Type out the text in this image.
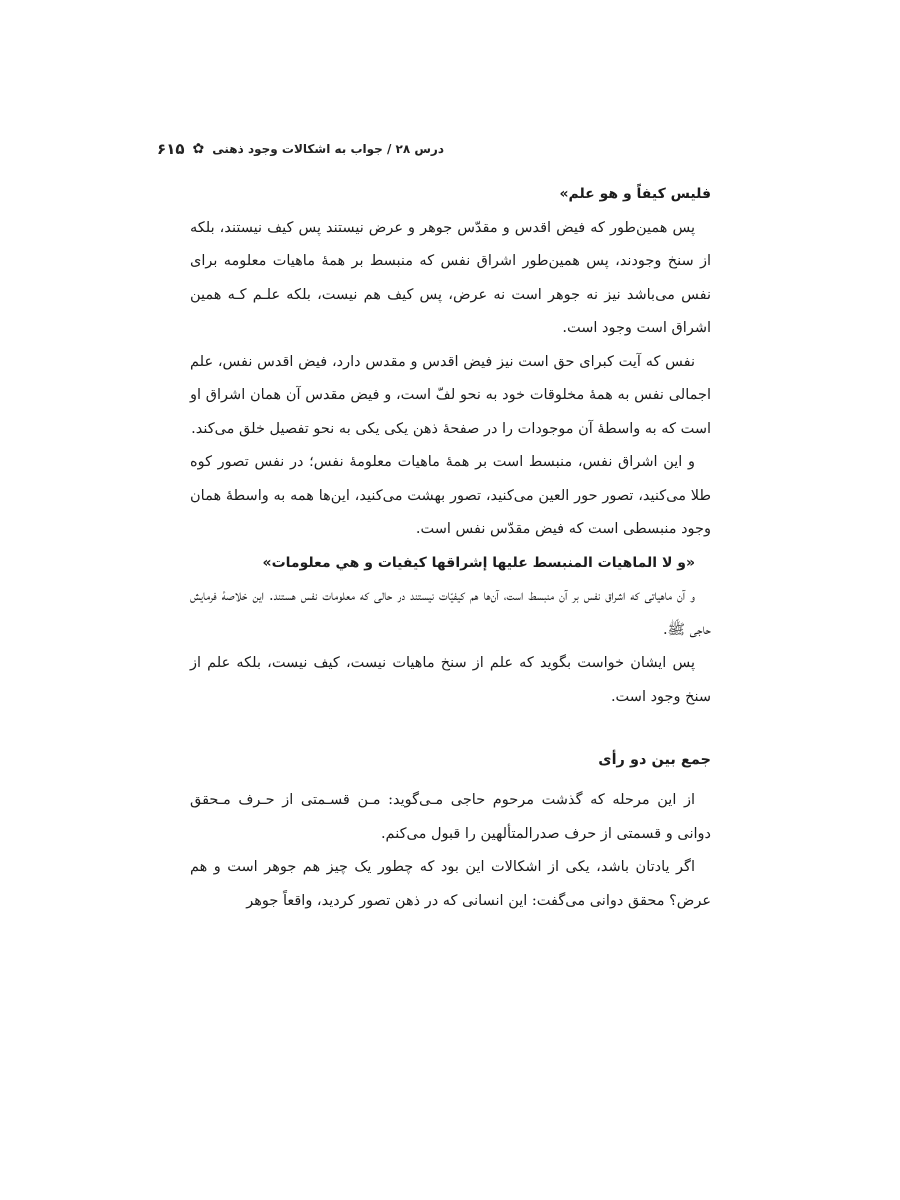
درس ۲۸ / جواب به اشکالات وجود ذهنی
✿
۶۱۵

فلیس کیفاً و هو علم»

پس همین‌طور که فیض اقدس و مقدّس جوهر و عرض نیستند پس کیف نیستند، بلکه از سنخ وجودند، پس همین‌طور اشراق نفس که منبسط بر همهٔ ماهیات معلومه برای نفس می‌باشد نیز نه جوهر است نه عرض، پس کیف هم نیست، بلکه علـم کـه همین اشراق است وجود است.

نفس که آیت کبرای حق است نیز فیض اقدس و مقدس دارد، فیض اقدس نفس، علم اجمالی نفس به همهٔ مخلوقات خود به نحو لفّ است، و فیض مقدس آن همان اشراق او است که به واسطهٔ آن موجودات را در صفحهٔ ذهن یکی یکی به نحو تفصیل خلق می‌کند.

و این اشراق نفس، منبسط است بر همهٔ ماهیات معلومهٔ نفس؛ در نفس تصور کوه طلا می‌کنید، تصور حور العین می‌کنید، تصور بهشت می‌کنید، این‌ها همه به واسطهٔ همان وجود منبسطی است که فیض مقدّس نفس است.

«و لا الماهیات المنبسط علیها إشراقها کیفیات و هي معلومات»

و آن ماهیاتی که اشراق نفس بر آن منبسط است، آن‌ها هم کیفیّات نیستند در حالی که معلومات نفس هستند. این خلاصهٔ فرمایش حاجی ﷺ.

پس ایشان خواست بگوید که علم از سنخ ماهیات نیست، کیف نیست، بلکه علم از سنخ وجود است.

جمع بین دو رأی

از این مرحله که گذشت مرحوم حاجی مـی‌گوید: مـن قسـمتی از حـرف مـحقق دوانی و قسمتی از حرف صدرالمتألهین را قبول می‌کنم.

اگر یادتان باشد، یکی از اشکالات این بود که چطور یک چیز هم جوهر است و هم عرض؟ محقق دوانی می‌گفت: این انسانی که در ذهن تصور کردید، واقعاً جوهر
